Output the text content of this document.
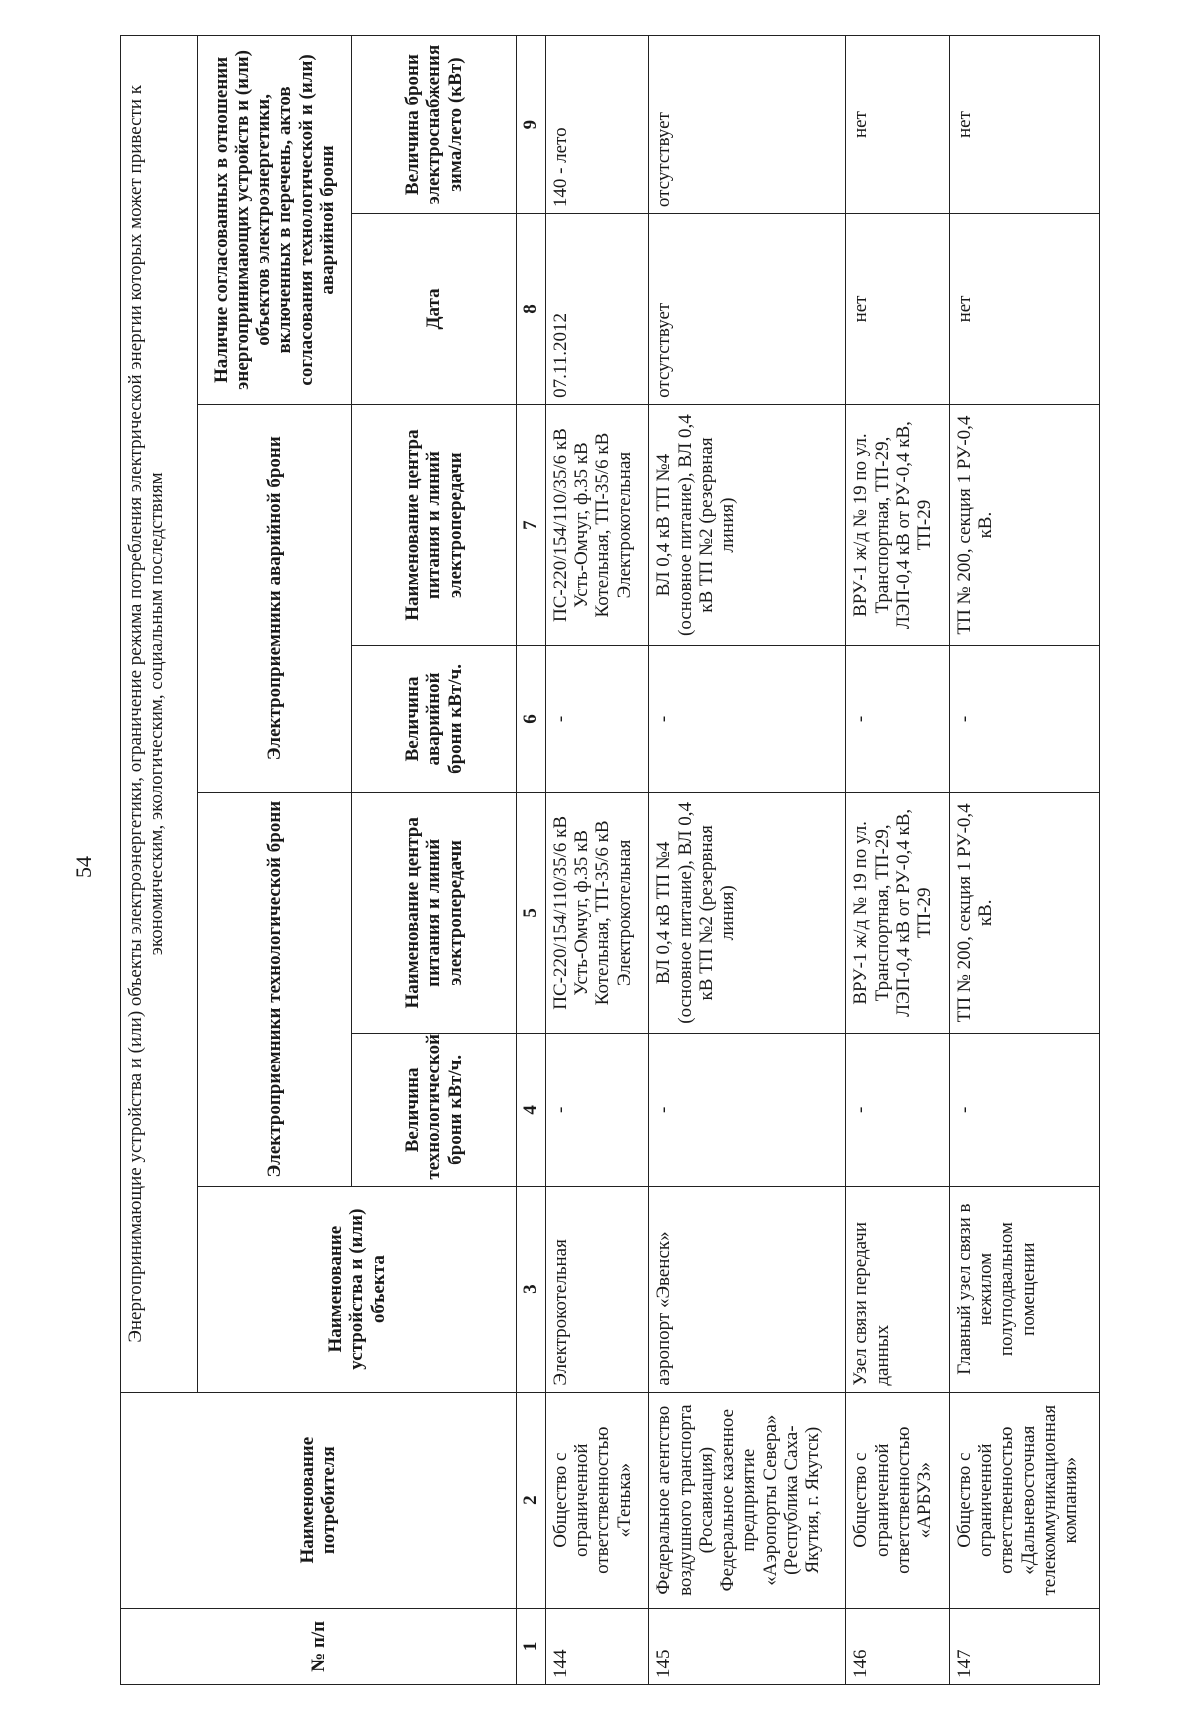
54
№ п/п	Наименование потребителя	Энергопринимающие устройства и (или) объекты электроэнергетики, ограничение режима потребления электрической энергии которых может привести к экономическим, экологическим, социальным последствиям						
		Наименование устройства и (или) объекта	Электроприемники технологической брони		Электроприемники аварийной брони		Наличие согласованных в отношении энергопринимающих устройств и (или) объектов электроэнергетики, включенных в перечень, актов согласования технологической и (или) аварийной брони	
			Величина технологической брони кВт/ч.	Наименование центра питания и линий электропередачи	Величина аварийной брони кВт/ч.	Наименование центра питания и линий электропередачи	Дата	Величина брони электроснабжения зима/лето (кВт)
1	2	3	4	5	6	7	8	9
144	Общество с ограниченной ответственностью «Тенька»	Электрокотельная	-	ПС-220/154/110/35/6 кВ Усть-Омчуг, ф.35 кВ Котельная, ТП-35/6 кВ Электрокотельная	-	ПС-220/154/110/35/6 кВ Усть-Омчуг, ф.35 кВ Котельная, ТП-35/6 кВ Электрокотельная	07.11.2012	140 - лето
145	Федеральное агентство воздушного транспорта (Росавиация) Федеральное казенное предприятие «Аэропорты Севера» (Республика Саха-Якутия, г. Якутск)	аэропорт «Эвенск»	-	ВЛ 0,4 кВ ТП №4 (основное питание), ВЛ 0,4 кВ ТП №2 (резервная линия)	-	ВЛ 0,4 кВ ТП №4 (основное питание), ВЛ 0,4 кВ ТП №2 (резервная линия)	отсутствует	отсутствует
146	Общество с ограниченной ответственностью «АРБУЗ»	Узел связи передачи данных	-	ВРУ-1 ж/д № 19 по ул. Транспортная, ТП-29, ЛЭП-0,4 кВ от РУ-0,4 кВ, ТП-29	-	ВРУ-1 ж/д № 19 по ул. Транспортная, ТП-29, ЛЭП-0,4 кВ от РУ-0,4 кВ, ТП-29	нет	нет
147	Общество с ограниченной ответственностью «Дальневосточная телекоммуникационная компания»	Главный узел связи в нежилом полуподвальном помещении	-	ТП № 200, секция 1 РУ-0,4 кВ.	-	ТП № 200, секция 1 РУ-0,4 кВ.	нет	нет
